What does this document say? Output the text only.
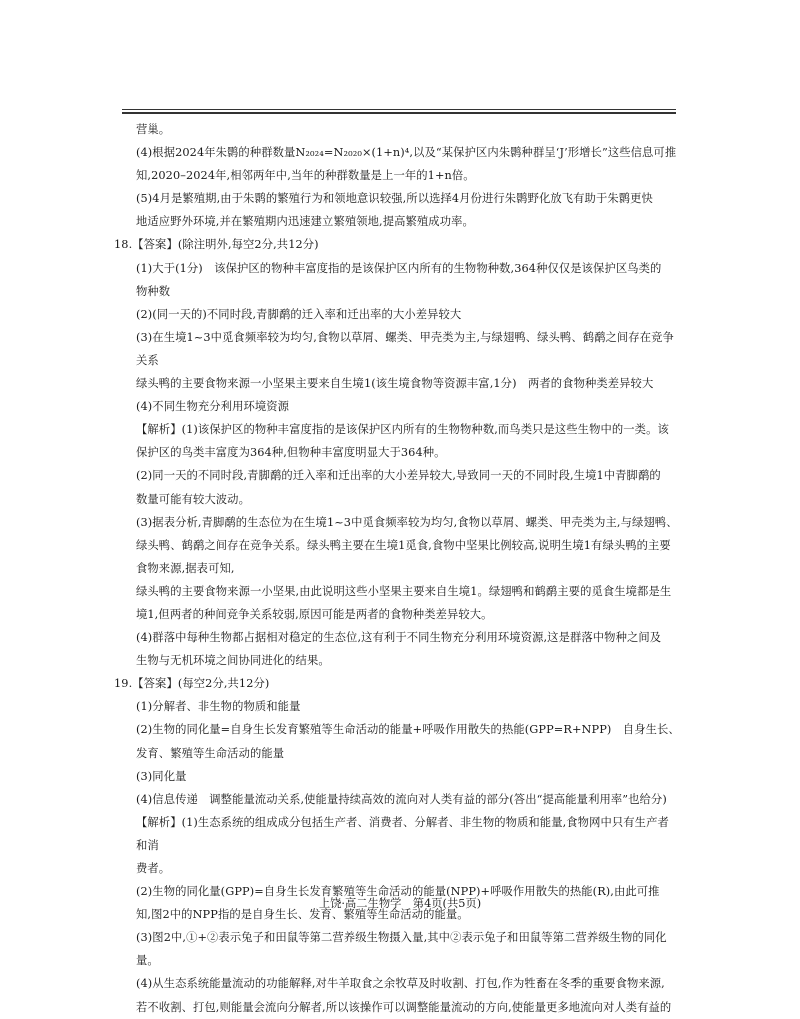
营巢。

(4)根据2024年朱鹮的种群数量N₂₀₂₄=N₂₀₂₀×(1+n)⁴,以及“某保护区内朱鹮种群呈‘J’形增长”这些信息可推

知,2020–2024年,相邻两年中,当年的种群数量是上一年的1+n倍。

(5)4月是繁殖期,由于朱鹮的繁殖行为和领地意识较强,所以选择4月份进行朱鹮野化放飞有助于朱鹮更快

地适应野外环境,并在繁殖期内迅速建立繁殖领地,提高繁殖成功率。

18.【答案】(除注明外,每空2分,共12分)

(1)大于(1分)　该保护区的物种丰富度指的是该保护区内所有的生物物种数,364种仅仅是该保护区鸟类的

物种数

(2)(同一天的)不同时段,青脚鹬的迁入率和迁出率的大小差异较大

(3)在生境1~3中觅食频率较为均匀,食物以草屑、螺类、甲壳类为主,与绿翅鸭、绿头鸭、鹤鹬之间存在竞争关系

绿头鸭的主要食物来源一小坚果主要来自生境1(该生境食物等资源丰富,1分)　两者的食物种类差异较大

(4)不同生物充分利用环境资源

【解析】(1)该保护区的物种丰富度指的是该保护区内所有的生物物种数,而鸟类只是这些生物中的一类。该

保护区的鸟类丰富度为364种,但物种丰富度明显大于364种。

(2)同一天的不同时段,青脚鹬的迁入率和迁出率的大小差异较大,导致同一天的不同时段,生境1中青脚鹬的

数量可能有较大波动。

(3)据表分析,青脚鹬的生态位为在生境1~3中觅食频率较为均匀,食物以草屑、螺类、甲壳类为主,与绿翅鸭、

绿头鸭、鹤鹬之间存在竞争关系。绿头鸭主要在生境1觅食,食物中坚果比例较高,说明生境1有绿头鸭的主要食物来源,据表可知,

绿头鸭的主要食物来源一小坚果,由此说明这些小坚果主要来自生境1。绿翅鸭和鹤鹬主要的觅食生境都是生

境1,但两者的种间竞争关系较弱,原因可能是两者的食物种类差异较大。

(4)群落中每种生物都占据相对稳定的生态位,这有利于不同生物充分利用环境资源,这是群落中物种之间及

生物与无机环境之间协同进化的结果。

19.【答案】(每空2分,共12分)

(1)分解者、非生物的物质和能量

(2)生物的同化量=自身生长发育繁殖等生命活动的能量+呼吸作用散失的热能(GPP=R+NPP)　自身生长、

发育、繁殖等生命活动的能量

(3)同化量

(4)信息传递　调整能量流动关系,使能量持续高效的流向对人类有益的部分(答出“提高能量利用率”也给分)

【解析】(1)生态系统的组成成分包括生产者、消费者、分解者、非生物的物质和能量,食物网中只有生产者和消

费者。

(2)生物的同化量(GPP)=自身生长发育繁殖等生命活动的能量(NPP)+呼吸作用散失的热能(R),由此可推

知,图2中的NPP指的是自身生长、发育、繁殖等生命活动的能量。

(3)图2中,①+②表示兔子和田鼠等第二营养级生物摄入量,其中②表示兔子和田鼠等第二营养级生物的同化量。

(4)从生态系统能量流动的功能解释,对牛羊取食之余牧草及时收割、打包,作为牲畜在冬季的重要食物来源,

若不收割、打包,则能量会流向分解者,所以该操作可以调整能量流动的方向,使能量更多地流向对人类有益的

上饶·高二生物学　第4页(共5页)
